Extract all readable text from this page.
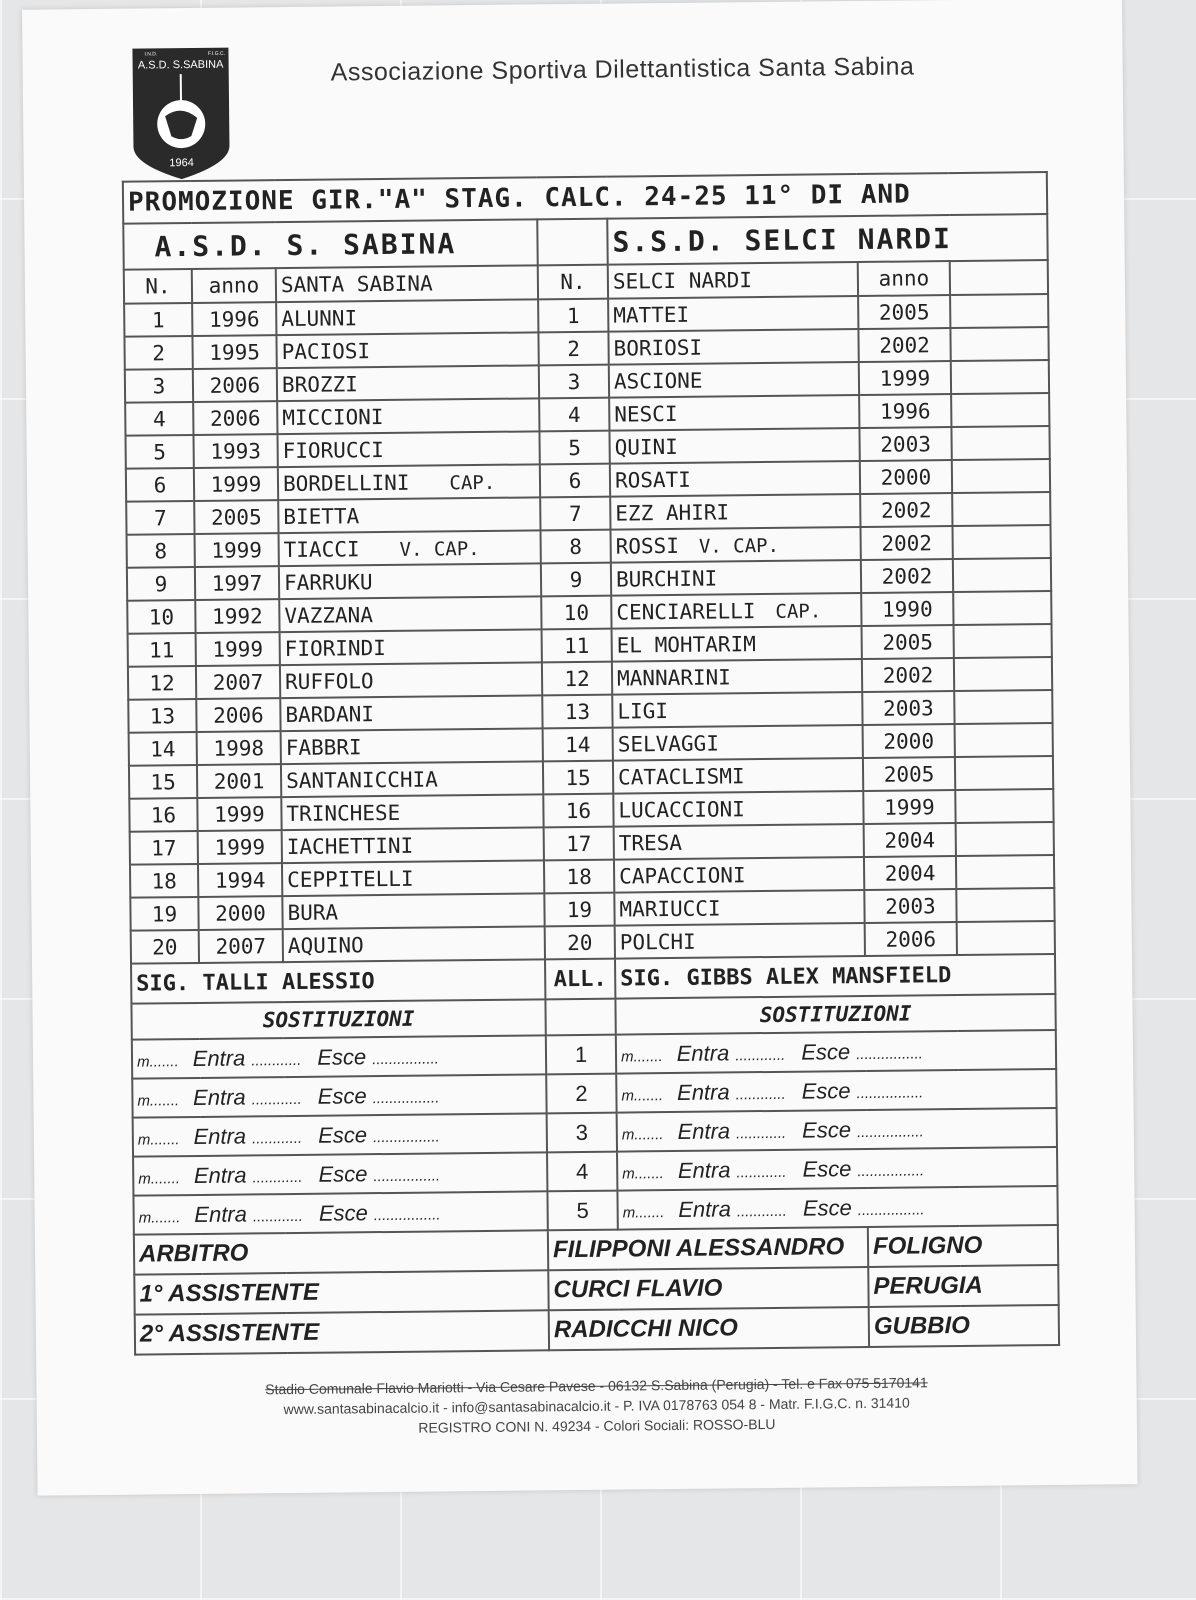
A.S.D. S.SABINA
I.N.D.	F.I.G.C.
1964
Associazione Sportiva Dilettantistica Santa Sabina
PROMOZIONE GIR."A" STAG. CALC. 24-25 11° DI AND						
A.S.D. S. SABINA				S.S.D. SELCI NARDI		
N.	anno	SANTA SABINA	N.	SELCI NARDI	anno	
1	1996	ALUNNI	1	MATTEI	2005	
2	1995	PACIOSI	2	BORIOSI	2002	
3	2006	BROZZI	3	ASCIONE	1999	
4	2006	MICCIONI	4	NESCI	1996	
5	1993	FIORUCCI	5	QUINI	2003	
6	1999	BORDELLINI CAP.	6	ROSATI	2000	
7	2005	BIETTA	7	EZZ AHIRI	2002	
8	1999	TIACCI V. CAP.	8	ROSSI V. CAP.	2002	
9	1997	FARRUKU	9	BURCHINI	2002	
10	1992	VAZZANA	10	CENCIARELLI CAP.	1990	
11	1999	FIORINDI	11	EL MOHTARIM	2005	
12	2007	RUFFOLO	12	MANNARINI	2002	
13	2006	BARDANI	13	LIGI	2003	
14	1998	FABBRI	14	SELVAGGI	2000	
15	2001	SANTANICCHIA	15	CATACLISMI	2005	
16	1999	TRINCHESE	16	LUCACCIONI	1999	
17	1999	IACHETTINI	17	TRESA	2004	
18	1994	CEPPITELLI	18	CAPACCIONI	2004	
19	2000	BURA	19	MARIUCCI	2003	
20	2007	AQUINO	20	POLCHI	2006	
SIG. TALLI ALESSIO			ALL.	SIG. GIBBS ALEX MANSFIELD		
SOSTITUZIONI				SOSTITUZIONI		
m....... Entra ............ Esce ................			1	m....... Entra ............ Esce ................		
m....... Entra ............ Esce ................			2	m....... Entra ............ Esce ................		
m....... Entra ............ Esce ................			3	m....... Entra ............ Esce ................		
m....... Entra ............ Esce ................			4	m....... Entra ............ Esce ................		
m....... Entra ............ Esce ................			5	m....... Entra ............ Esce ................		
ARBITRO			FILIPPONI ALESSANDRO		FOLIGNO	
1° ASSISTENTE			CURCI FLAVIO		PERUGIA	
2° ASSISTENTE			RADICCHI NICO		GUBBIO	
Stadio Comunale Flavio Mariotti - Via Cesare Pavese - 06132 S.Sabina (Perugia) - Tel. e Fax 075 5170141
www.santasabinacalcio.it - info@santasabinacalcio.it - P. IVA 0178763 054 8 - Matr. F.I.G.C. n. 31410
REGISTRO CONI N. 49234 - Colori Sociali: ROSSO-BLU
